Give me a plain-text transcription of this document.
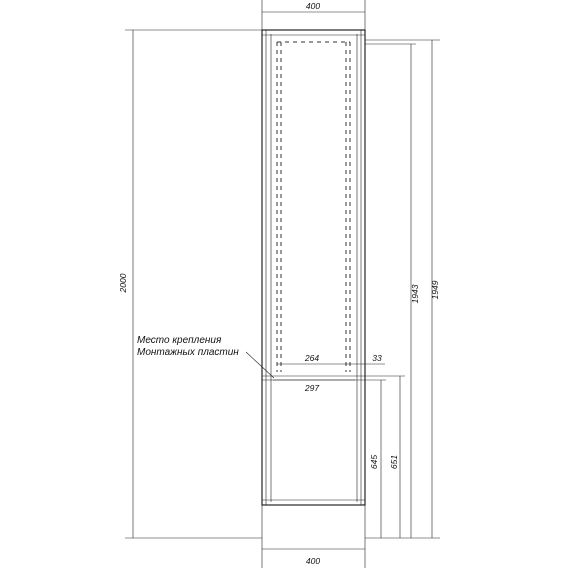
400
400
2000	1949
1943
651
645
264	33
297
Место крепления
Монтажных пластин
